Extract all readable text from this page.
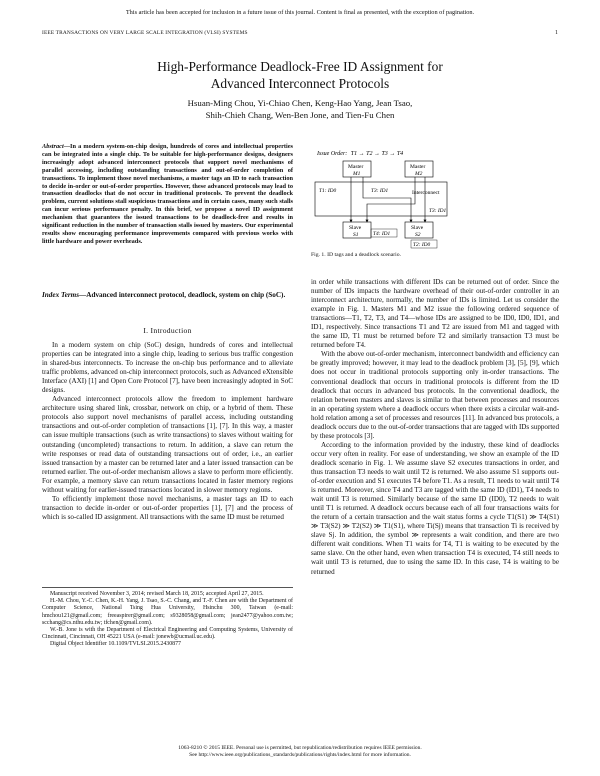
This article has been accepted for inclusion in a future issue of this journal. Content is final as presented, with the exception of pagination.
IEEE TRANSACTIONS ON VERY LARGE SCALE INTEGRATION (VLSI) SYSTEMS	1
High-Performance Deadlock-Free ID Assignment for
Advanced Interconnect Protocols
Hsuan-Ming Chou, Yi-Chiao Chen, Keng-Hao Yang, Jean Tsao,
Shih-Chieh Chang, Wen-Ben Jone, and Tien-Fu Chen
Abstract—In a modern system-on-chip design, hundreds of cores and intellectual properties can be integrated into a single chip. To be suitable for high-performance designs, designers increasingly adopt advanced interconnect protocols that support novel mechanisms of parallel accessing, including outstanding transactions and out-of-order completion of transactions. To implement those novel mechanisms, a master tags an ID to each transaction to decide in-order or out-of-order properties. However, these advanced protocols may lead to transaction deadlocks that do not occur in traditional protocols. To prevent the deadlock problem, current solutions stall suspicious transactions and in certain cases, many such stalls can incur serious performance penalty. In this brief, we propose a novel ID assignment mechanism that guarantees the issued transactions to be deadlock-free and results in significant reduction in the number of transaction stalls issued by masters. Our experimental results show encouraging performance improvements compared with previous works with little hardware and power overheads.
Index Terms—Advanced interconnect protocol, deadlock, system on chip (SoC).
I. Introduction

In a modern system on chip (SoC) design, hundreds of cores and intellectual properties can be integrated into a single chip, leading to serious bus traffic congestion in shared-bus interconnects. To increase the on-chip bus performance and to alleviate traffic problems, advanced on-chip interconnect protocols, such as Advanced eXtensible Interface (AXI) [1] and Open Core Protocol [7], have been increasingly adopted in SoC designs.

Advanced interconnect protocols allow the freedom to implement hardware architecture using shared link, crossbar, network on chip, or a hybrid of them. These protocols also support novel mechanisms of parallel access, including outstanding transactions and out-of-order completion of transactions [1], [7]. In this way, a master can issue multiple transactions (such as write transactions) to slaves without waiting for outstanding (uncompleted) transactions to return. In addition, a slave can return the write responses or read data of outstanding transactions out of order, i.e., an earlier issued transaction by a master can be returned later and a later issued transaction can be returned earlier. The out-of-order mechanism allows a slave to perform more efficiently. For example, a memory slave can return transactions located in faster memory regions without waiting for earlier-issued transactions located in slower memory regions.

To efficiently implement those novel mechanisms, a master tags an ID to each transaction to decide in-order or out-of-order properties [1], [7] and the process of which is so-called ID assignment. All transactions with the same ID must be returned

Manuscript received November 3, 2014; revised March 18, 2015; accepted April 27, 2015.

H.-M. Chou, Y.-C. Chen, K.-H. Yang, J. Tsao, S.-C. Chang, and T.-F. Chen are with the Department of Computer Science, National Tsing Hua University, Hsinchu 300, Taiwan (e-mail: hmchou121@gmail.com; freeaspirer@gmail.com; s9328058@gmail.com; jean2477@yahoo.com.tw; scchang@cs.nthu.edu.tw; tfchen@gmail.com).

W.-B. Jone is with the Department of Electrical Engineering and Computing Systems, University of Cincinnati, Cincinnati, OH 45221 USA (e-mail: jonewb@ucmail.uc.edu).

Digital Object Identifier 10.1109/TVLSI.2015.2430877

Issue Order: T1 → T2 → T3 → T4
Interconnect
Master
M1
Master
M2
Slave
S1
Slave
S2
T1: ID0	T3: ID1
T3: ID1
T4: ID1
T2: ID0
Fig. 1. ID tags and a deadlock scenario.

in order while transactions with different IDs can be returned out of order. Since the number of IDs impacts the hardware overhead of their out-of-order controller in an interconnect architecture, normally, the number of IDs is limited. Let us consider the example in Fig. 1. Masters M1 and M2 issue the following ordered sequence of transactions—T1, T2, T3, and T4—whose IDs are assigned to be ID0, ID0, ID1, and ID1, respectively. Since transactions T1 and T2 are issued from M1 and tagged with the same ID, T1 must be returned before T2 and similarly transaction T3 must be returned before T4.

With the above out-of-order mechanism, interconnect bandwidth and efficiency can be greatly improved; however, it may lead to the deadlock problem [3], [5], [9], which does not occur in traditional protocols supporting only in-order transactions. The conventional deadlock that occurs in traditional protocols is different from the ID deadlock that occurs in advanced bus protocols. In the conventional deadlock, the relation between masters and slaves is similar to that between processes and resources in an operating system where a deadlock occurs when there exists a circular wait-and-hold relation among a set of processes and resources [11]. In advanced bus protocols, a deadlock occurs due to the out-of-order transactions that are tagged with IDs supported by these protocols [3].

According to the information provided by the industry, these kind of deadlocks occur very often in reality. For ease of understanding, we show an example of the ID deadlock scenario in Fig. 1. We assume slave S2 executes transactions in order, and thus transaction T3 needs to wait until T2 is returned. We also assume S1 supports out-of-order execution and S1 executes T4 before T1. As a result, T1 needs to wait until T4 is returned. Moreover, since T4 and T3 are tagged with the same ID (ID1), T4 needs to wait until T3 is returned. Similarly because of the same ID (ID0), T2 needs to wait until T1 is returned. A deadlock occurs because each of all four transactions waits for the return of a certain transaction and the wait status forms a cycle T1(S1) ≫ T4(S1) ≫ T3(S2) ≫ T2(S2) ≫ T1(S1), where Ti(Sj) means that transaction Ti is received by slave Sj. In addition, the symbol ≫ represents a wait condition, and there are two different wait conditions. When T1 waits for T4, T1 is waiting to be executed by the same slave. On the other hand, even when transaction T4 is executed, T4 still needs to wait until T3 is returned, due to using the same ID. In this case, T4 is waiting to be returned

1063-8210 © 2015 IEEE. Personal use is permitted, but republication/redistribution requires IEEE permission.
See http://www.ieee.org/publications_standards/publications/rights/index.html for more information.
